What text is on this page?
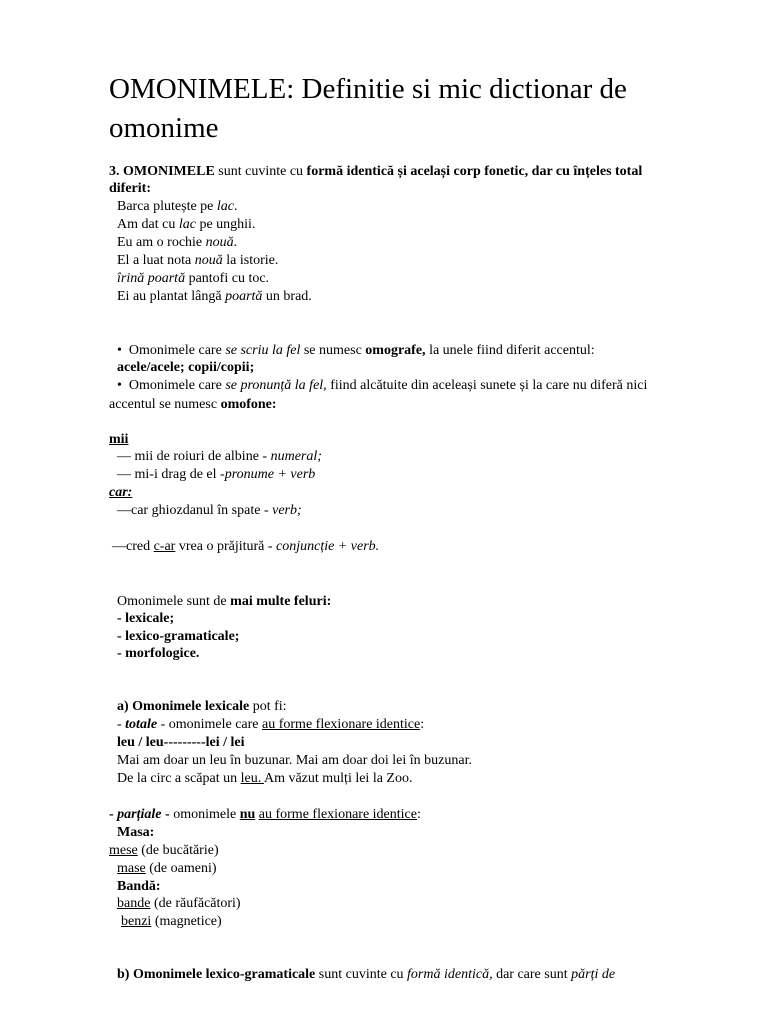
OMONIMELE: Definitie si mic dictionar de omonime
3. OMONIMELE sunt cuvinte cu formă identică și același corp fonetic, dar cu înțeles total
diferit:
Barca plutește pe lac.
Am dat cu lac pe unghii.
Eu am o rochie nouă.
El a luat nota nouă la istorie.
îrină poartă pantofi cu toc.
Ei au plantat lângă poartă un brad.
• Omonimele care se scriu la fel se numesc omografe, la unele fiind diferit accentul:
acele/acele; copii/copii;
• Omonimele care se pronunță la fel, fiind alcătuite din aceleași sunete și la care nu diferă nici
accentul se numesc omofone:
mii
— mii de roiuri de albine - numeral;
— mi-i drag de el -pronume + verb
car:
—car ghiozdanul în spate - verb;
—cred c-ar vrea o prăjitură - conjuncție + verb.
Omonimele sunt de mai multe feluri:
- lexicale;
- lexico-gramaticale;
- morfologice.
a) Omonimele lexicale pot fi:
- totale - omonimele care au forme flexionare identice:
leu / leu---------lei / lei
Mai am doar un leu în buzunar. Mai am doar doi lei în buzunar.
De la circ a scăpat un leu. Am văzut mulți lei la Zoo.
- parțiale - omonimele nu au forme flexionare identice:
Masa:
mese (de bucătărie)
mase (de oameni)
Bandă:
bande (de răufăcători)
benzi (magnetice)
b) Omonimele lexico-gramaticale sunt cuvinte cu formă identică, dar care sunt părți de
